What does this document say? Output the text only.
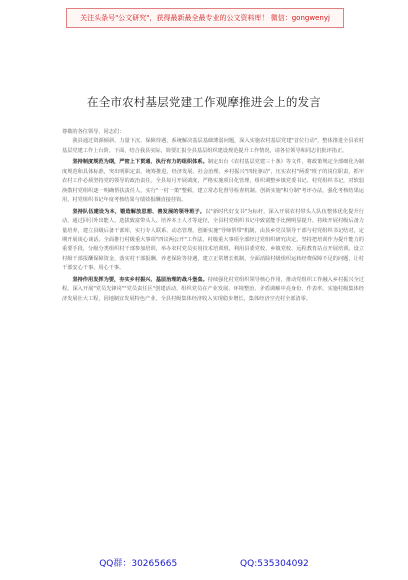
关注头条号"公文研究"，获得最新最全最专业的公文资料库！ 微信：gongwenyj
在全市农村基层党建工作观摩推进会上的发言

尊敬的各位领导、同志们：

我县通过资源倾斜、力量下沉、保障待遇，系统解决基层基础薄弱问题，深入实施农村基层党建"首位行动"，整体推进全县农村基层党建工作上台阶。下面，结合我县实际，简要汇报全县基层组织建设规范提升工作情况，请各位领导和同志们批评指正。

坚持制度规范为纲，严密上下贯通、执行有力的组织体系。制定出台《农村基层党建三十条》等文件，将政策规定全部细化为制度规范和具体标准，突出明职定责、统筹推进，经济发展、社会治理、乡村振兴"四轮驱动"，压实农村"两委"班子的岗位职责，抓牢农村工作必须坚持党的领导的政治责任。全县每月开展调度，严格实施项目化管理，组织调整乡镇党委书记、村党组织书记，对软弱涣散村党组织逐一明确帮扶责任人，实行"一村一策"整顿，建立常态化督导检查机制。创新实施"积分制"考评办法，强化考核结果运用，村党组织书记年度考核结果与绩效报酬直接挂钩。

坚持队伍建设为本，锻造解放思想、善发展的领导班子。以"新时代好支书"为标杆，深入开展农村带头人队伍整体优化提升行动，通过回引外出能人、选拔致富带头人、培养本土人才等途径，全县村党组织书记中致富能手比例明显提升。持续开展村级后备力量培养，建立县级后备干部库，实行专人联系、动态管理。创新实施"导师帮带"机制，由县乡党员领导干部与村党组织书记结对，定期开展谈心谈话。全面推行村级重大事项"四议两公开"工作法，村级重大事项全部经过党组织研究决定。坚持把培训作为提升能力的重要手段，分级分类组织村干部参加培训，举办农村党员实用技术培训班，利用县委党校、乡镇党校、远程教育站点开展培训。设立村级干部报酬保障资金，落实村干部报酬、养老保险等待遇，建立正常增长机制，全面消除村级组织运转经费保障不足的问题，让村干部安心干事、用心干事。

坚持作用发挥为要，夯实乡村振兴、基层治理的战斗堡垒。持续强化村党组织领导核心作用，推动党组织工作融入乡村振兴全过程。深入开展"党员先锋岗""党员责任区"创建活动，组织党员在产业发展、环境整治、矛盾调解中亮身份、作表率。实施村级集体经济发展壮大工程，因地制宜发展特色产业，全县村级集体经济收入实现稳步增长，集体经济空壳村全部清零。

QQ群：30265665	QQ:535304092
